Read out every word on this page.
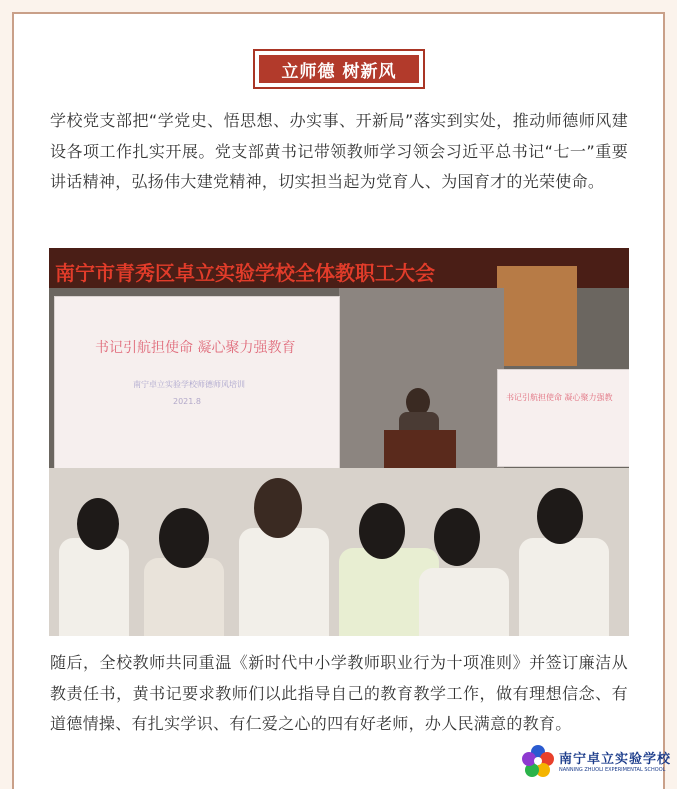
立师德 树新风
学校党支部把“学党史、悟思想、办实事、开新局”落实到实处，推动师德师风建设各项工作扎实开展。党支部黄书记带领教师学习领会习近平总书记“七一”重要讲话精神，弘扬伟大建党精神，切实担当起为党育人、为国育才的光荣使命。
南宁市青秀区卓立实验学校全体教职工大会
书记引航担使命 凝心聚力强教育
南宁卓立实验学校师德师风培训
2021.8	书记引航担使命 凝心聚力强教
随后，全校教师共同重温《新时代中小学教师职业行为十项准则》并签订廉洁从教责任书，黄书记要求教师们以此指导自己的教育教学工作，做有理想信念、有道德情操、有扎实学识、有仁爱之心的四有好老师，办人民满意的教育。
南宁卓立实验学校
NANNING ZHUOLI EXPERIMENTAL SCHOOL
